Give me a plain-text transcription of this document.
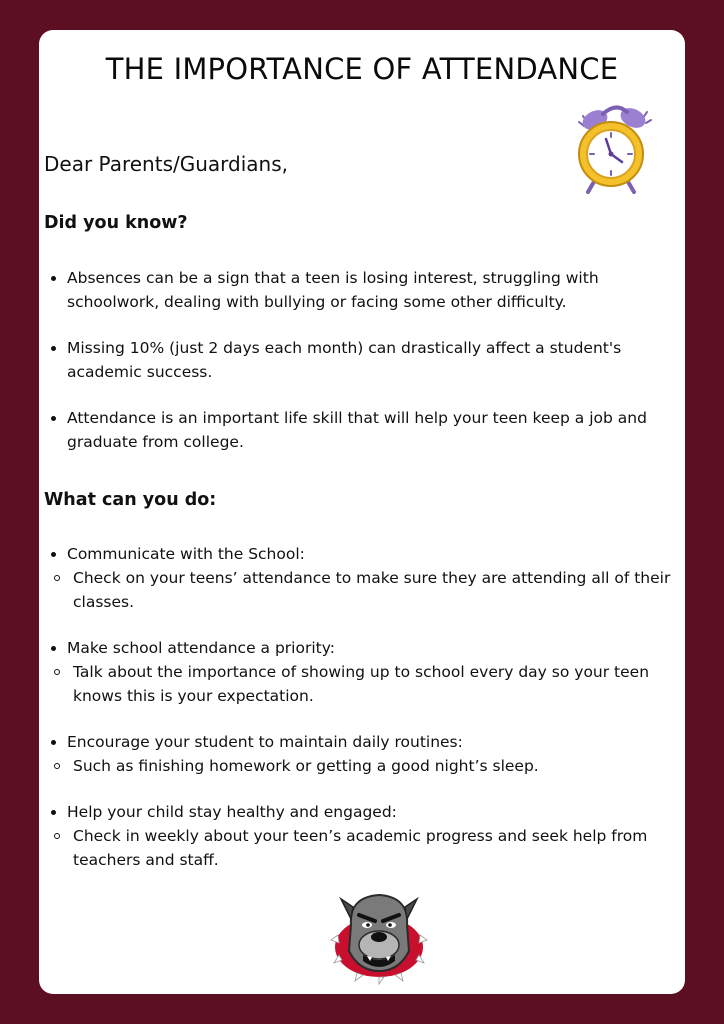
THE IMPORTANCE OF ATTENDANCE

Dear Parents/Guardians,

Did you know?

Absences can be a sign that a teen is losing interest, struggling with schoolwork, dealing with bullying or facing some other difficulty.
Missing 10% (just 2 days each month) can drastically affect a student's academic success.
Attendance is an important life skill that will help your teen keep a job and graduate from college.

What can you do:

Communicate with the School:
Check on your teens’ attendance to make sure they are attending all of their classes.
Make school attendance a priority:
Talk about the importance of showing up to school every day so your teen knows this is your expectation.
Encourage your student to maintain daily routines:
Such as finishing homework or getting a good night’s sleep.
Help your child stay healthy and engaged:
Check in weekly about your teen’s academic progress and seek help from teachers and staff.
